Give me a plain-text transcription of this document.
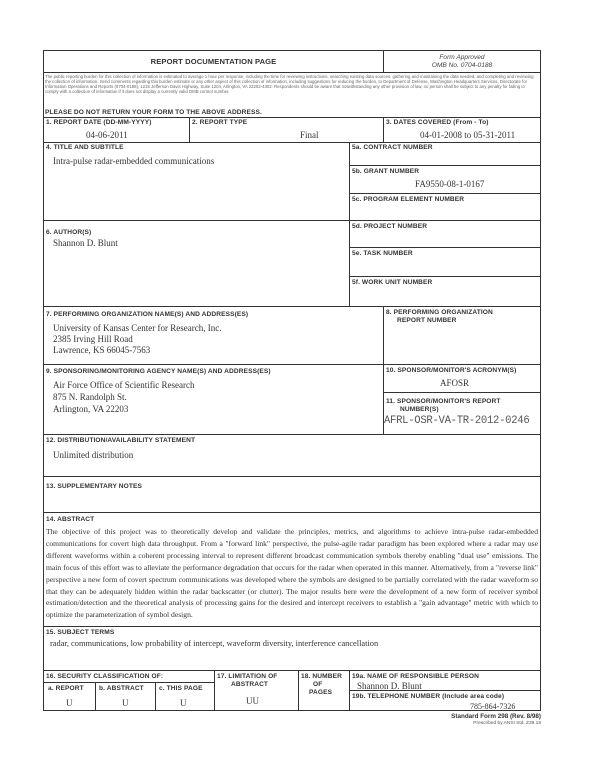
REPORT DOCUMENTATION PAGE	Form Approved
OMB No. 0704-0188
The public reporting burden for this collection of information is estimated to average 1 hour per response, including the time for reviewing instructions, searching existing data sources, gathering and maintaining the data needed, and completing and reviewing the collection of information. Send comments regarding this burden estimate or any other aspect of this collection of information, including suggestions for reducing the burden, to Department of Defense, Washington Headquarters Services, Directorate for Information Operations and Reports (0704-0188), 1215 Jefferson Davis Highway, Suite 1204, Arlington, VA 22202-4302. Respondents should be aware that notwithstanding any other provision of law, no person shall be subject to any penalty for failing to comply with a collection of information if it does not display a currently valid OMB control number.
PLEASE DO NOT RETURN YOUR FORM TO THE ABOVE ADDRESS.
1. REPORT DATE (DD-MM-YYYY)
04-06-2011
2. REPORT TYPE
Final
3. DATES COVERED (From - To)
04-01-2008 to 05-31-2011
4. TITLE AND SUBTITLE
Intra-pulse radar-embedded communications
5a. CONTRACT NUMBER
5b. GRANT NUMBER
FA9550-08-1-0167
5c. PROGRAM ELEMENT NUMBER
6. AUTHOR(S)
Shannon D. Blunt
5d. PROJECT NUMBER
5e. TASK NUMBER
5f. WORK UNIT NUMBER
7. PERFORMING ORGANIZATION NAME(S) AND ADDRESS(ES)
University of Kansas Center for Research, Inc.
2385 Irving Hill Road
Lawrence, KS 66045-7563
8. PERFORMING ORGANIZATION
REPORT NUMBER
9. SPONSORING/MONITORING AGENCY NAME(S) AND ADDRESS(ES)
Air Force Office of Scientific Research
875 N. Randolph St.
Arlington, VA 22203
10. SPONSOR/MONITOR'S ACRONYM(S)
AFOSR
11. SPONSOR/MONITOR'S REPORT
NUMBER(S)
AFRL-OSR-VA-TR-2012-0246
12. DISTRIBUTION/AVAILABILITY STATEMENT
Unlimited distribution
13. SUPPLEMENTARY NOTES
14. ABSTRACT
The objective of this project was to theoretically develop and validate the principles, metrics, and algorithms to achieve intra-pulse radar-embedded communications for covert high data throughput. From a "forward link" perspective, the pulse-agile radar paradigm has been explored where a radar may use different waveforms within a coherent processing interval to represent different broadcast communication symbols thereby enabling "dual use" emissions. The main focus of this effort was to alleviate the performance degradation that occurs for the radar when operated in this manner. Alternatively, from a "reverse link" perspective a new form of covert spectrum communications was developed where the symbols are designed to be partially correlated with the radar waveform so that they can be adequately hidden within the radar backscatter (or clutter). The major results here were the development of a new form of receiver symbol estimation/detection and the theoretical analysis of processing gains for the desired and intercept receivers to establish a "gain advantage" metric with which to optimize the parameterization of symbol design.
15. SUBJECT TERMS
radar, communications, low probability of intercept, waveform diversity, interference cancellation
16. SECURITY CLASSIFICATION OF:
a. REPORT
U
b. ABSTRACT
U
c. THIS PAGE
U
17. LIMITATION OF
ABSTRACT
UU
18. NUMBER
OF
PAGES
19a. NAME OF RESPONSIBLE PERSON
Shannon D. Blunt
19b. TELEPHONE NUMBER (Include area code)
785-864-7326
Standard Form 298 (Rev. 8/98)
Prescribed by ANSI Std. Z39.18
